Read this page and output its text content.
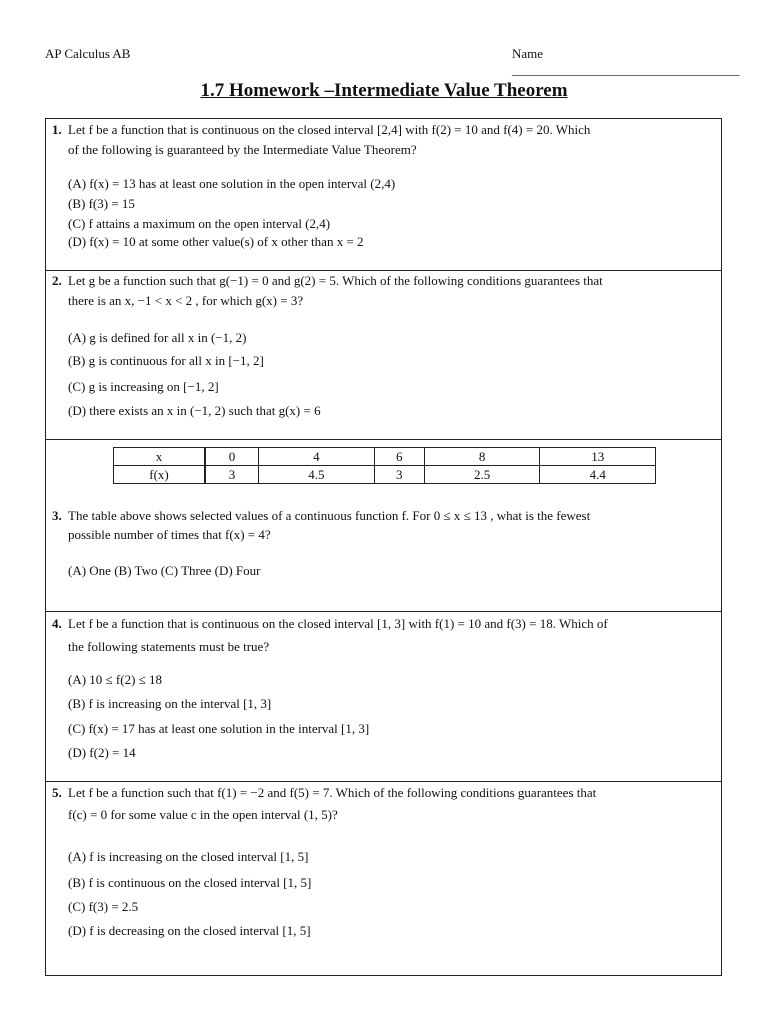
AP Calculus AB	Name ___________________________________
1.7 Homework –Intermediate Value Theorem
1. Let f be a function that is continuous on the closed interval [2,4] with f(2) = 10 and f(4) = 20. Which
of the following is guaranteed by the Intermediate Value Theorem?
(A) f(x) = 13 has at least one solution in the open interval (2,4)
(B) f(3) = 15
(C) f attains a maximum on the open interval (2,4)
(D) f(x) = 10 at some other value(s) of x other than x = 2
2. Let g be a function such that g(−1) = 0 and g(2) = 5. Which of the following conditions guarantees that
there is an x, −1 < x < 2 , for which g(x) = 3?
(A) g is defined for all x in (−1, 2)
(B) g is continuous for all x in [−1, 2]
(C) g is increasing on [−1, 2]
(D) there exists an x in (−1, 2) such that g(x) = 6
x	0	4	6	8	13
f(x)	3	4.5	3	2.5	4.4
3. The table above shows selected values of a continuous function f. For 0 ≤ x ≤ 13 , what is the fewest
possible number of times that f(x) = 4?
(A) One (B) Two (C) Three (D) Four
4. Let f be a function that is continuous on the closed interval [1, 3] with f(1) = 10 and f(3) = 18. Which of
the following statements must be true?
(A) 10 ≤ f(2) ≤ 18
(B) f is increasing on the interval [1, 3]
(C) f(x) = 17 has at least one solution in the interval [1, 3]
(D) f(2) = 14
5. Let f be a function such that f(1) = −2 and f(5) = 7. Which of the following conditions guarantees that
f(c) = 0 for some value c in the open interval (1, 5)?
(A) f is increasing on the closed interval [1, 5]
(B) f is continuous on the closed interval [1, 5]
(C) f(3) = 2.5
(D) f is decreasing on the closed interval [1, 5]
